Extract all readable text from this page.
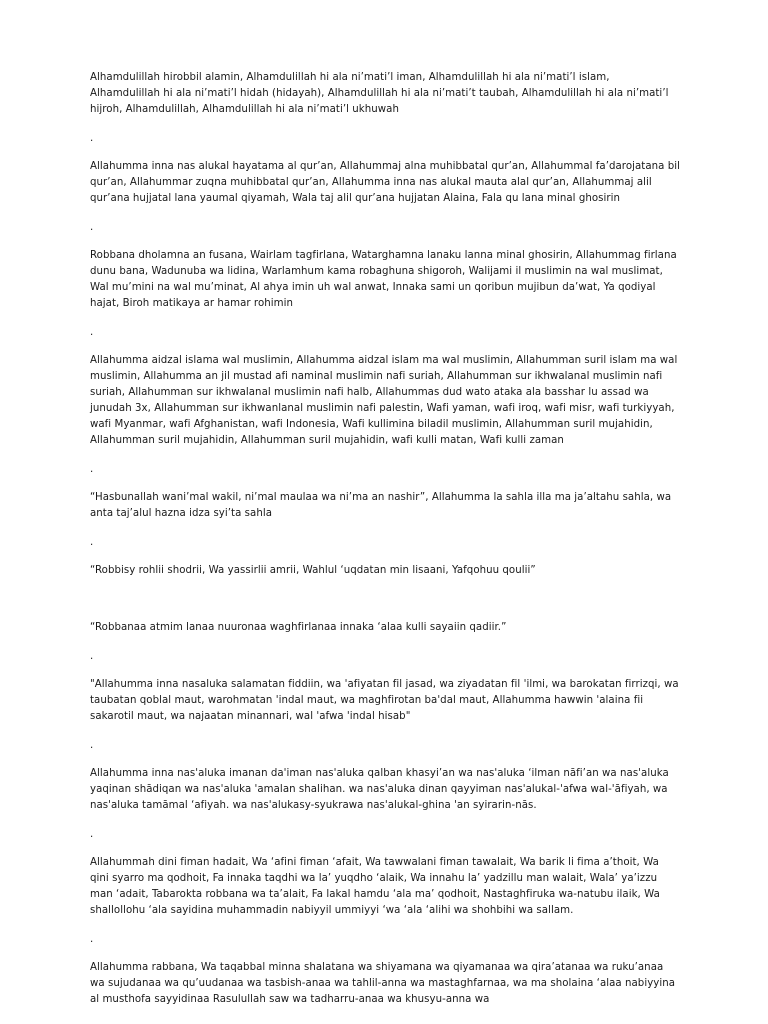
Alhamdulillah hirobbil alamin, Alhamdulillah hi ala ni’mati’l iman, Alhamdulillah hi ala ni’mati’l islam, Alhamdulillah hi ala ni’mati’l hidah (hidayah), Alhamdulillah hi ala ni’mati’t taubah, Alhamdulillah hi ala ni’mati’l hijroh, Alhamdulillah, Alhamdulillah hi ala ni’mati’l ukhuwah

.

Allahumma inna nas alukal hayatama al qur’an, Allahummaj alna muhibbatal qur’an, Allahummal fa’darojatana bil qur’an, Allahummar zuqna muhibbatal qur’an, Allahumma inna nas alukal mauta alal qur’an, Allahummaj alil qur’ana hujjatal lana yaumal qiyamah, Wala taj alil qur’ana hujjatan Alaina, Fala qu lana minal ghosirin

.

Robbana dholamna an fusana, Wairlam tagfirlana, Watarghamna lanaku lanna minal ghosirin, Allahummag firlana dunu bana, Wadunuba wa lidina, Warlamhum kama robaghuna shigoroh, Walijami il muslimin na wal muslimat, Wal mu’mini na wal mu’minat, Al ahya imin uh wal anwat, Innaka sami un qoribun mujibun da’wat, Ya qodiyal hajat, Biroh matikaya ar hamar rohimin

.

Allahumma aidzal islama wal muslimin, Allahumma aidzal islam ma wal muslimin, Allahumman suril islam ma wal muslimin, Allahumma an jil mustad afi naminal muslimin nafi suriah, Allahumman sur ikhwalanal muslimin nafi suriah, Allahumman sur ikhwalanal muslimin nafi halb, Allahummas dud wato ataka ala basshar lu assad wa junudah 3x, Allahumman sur ikhwanlanal muslimin nafi palestin, Wafi yaman, wafi iroq, wafi misr, wafi turkiyyah, wafi Myanmar, wafi Afghanistan, wafi Indonesia, Wafi kullimina biladil muslimin, Allahumman suril mujahidin, Allahumman suril mujahidin, Allahumman suril mujahidin, wafi kulli matan, Wafi kulli zaman

.

“Hasbunallah wani’mal wakil, ni’mal maulaa wa ni’ma an nashir”, Allahumma la sahla illa ma ja’altahu sahla, wa anta taj’alul hazna idza syi’ta sahla

.

“Robbisy rohlii shodrii, Wa yassirlii amrii, Wahlul ‘uqdatan min lisaani, Yafqohuu qoulii”

“Robbanaa atmim lanaa nuuronaa waghfirlanaa innaka ‘alaa kulli sayaiin qadiir.”

.

"Allahumma inna nasaluka salamatan fiddiin, wa 'afiyatan fil jasad, wa ziyadatan fil 'ilmi, wa barokatan firrizqi, wa taubatan qoblal maut, warohmatan 'indal maut, wa maghfirotan ba'dal maut, Allahumma hawwin 'alaina fii sakarotil maut, wa najaatan minannari, wal 'afwa 'indal hisab"

.

Allahumma inna nas'aluka imanan da'iman nas'aluka qalban khasyi’an wa nas'aluka ‘ilman nāfi’an wa nas'aluka yaqinan shādiqan wa nas'aluka 'amalan shalihan. wa nas'aluka dinan qayyiman nas'alukal-'afwa wal-'āfiyah, wa nas'aluka tamāmal ‘afiyah. wa nas'alukasy-syukrawa nas'alukal-ghina 'an syirarin-nās.

.

Allahummah dini fiman hadait, Wa ‘afini fiman ‘afait, Wa tawwalani fiman tawalait, Wa barik li fima a’thoit, Wa qini syarro ma qodhoit, Fa innaka taqdhi wa la’ yuqdho ‘alaik, Wa innahu la’ yadzillu man walait, Wala’ ya’izzu man ‘adait, Tabarokta robbana wa ta’alait, Fa lakal hamdu ‘ala ma’ qodhoit, Nastaghfiruka wa-natubu ilaik, Wa shallollohu ‘ala sayidina muhammadin nabiyyil ummiyyi ‘wa ‘ala ‘alihi wa shohbihi wa sallam.

.

Allahumma rabbana, Wa taqabbal minna shalatana wa shiyamana wa qiyamanaa wa qira’atanaa wa ruku’anaa wa sujudanaa wa qu’uudanaa wa tasbish-anaa wa tahlil-anna wa mastaghfarnaa, wa ma sholaina ‘alaa nabiyyina al musthofa sayyidinaa Rasulullah saw wa tadharru-anaa wa khusyu-anna wa
